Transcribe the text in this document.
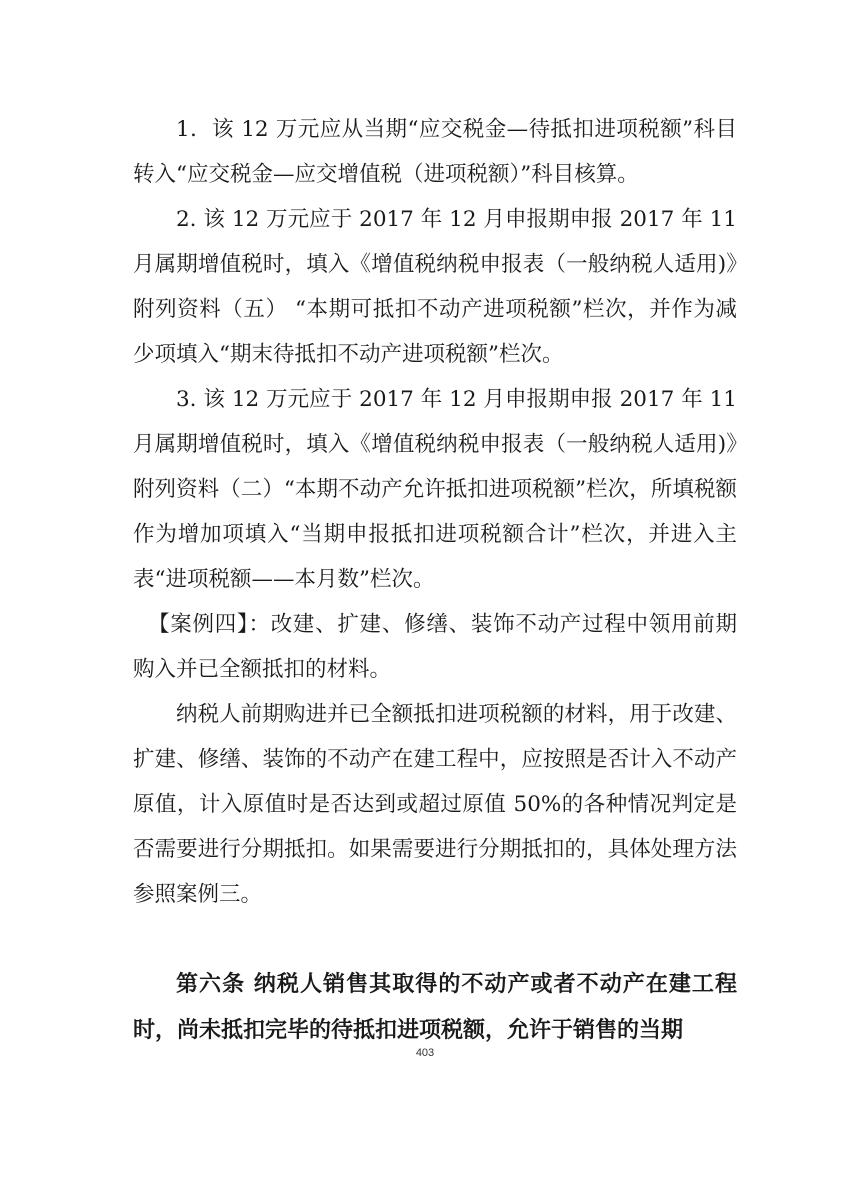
1．该 12 万元应从当期“应交税金—待抵扣进项税额”科目转入“应交税金—应交增值税（进项税额）”科目核算。

2. 该 12 万元应于 2017 年 12 月申报期申报 2017 年 11月属期增值税时，填入《增值税纳税申报表（一般纳税人适用)》附列资料（五） “本期可抵扣不动产进项税额”栏次，并作为减少项填入“期末待抵扣不动产进项税额”栏次。

3. 该 12 万元应于 2017 年 12 月申报期申报 2017 年 11月属期增值税时，填入《增值税纳税申报表（一般纳税人适用)》附列资料（二）“本期不动产允许抵扣进项税额”栏次，所填税额作为增加项填入“当期申报抵扣进项税额合计”栏次，并进入主表“进项税额——本月数”栏次。

【案例四】：改建、扩建、修缮、装饰不动产过程中领用前期购入并已全额抵扣的材料。

纳税人前期购进并已全额抵扣进项税额的材料，用于改建、扩建、修缮、装饰的不动产在建工程中，应按照是否计入不动产原值，计入原值时是否达到或超过原值 50%的各种情况判定是否需要进行分期抵扣。如果需要进行分期抵扣的，具体处理方法参照案例三。

第六条 纳税人销售其取得的不动产或者不动产在建工程时，尚未抵扣完毕的待抵扣进项税额，允许于销售的当期

403
